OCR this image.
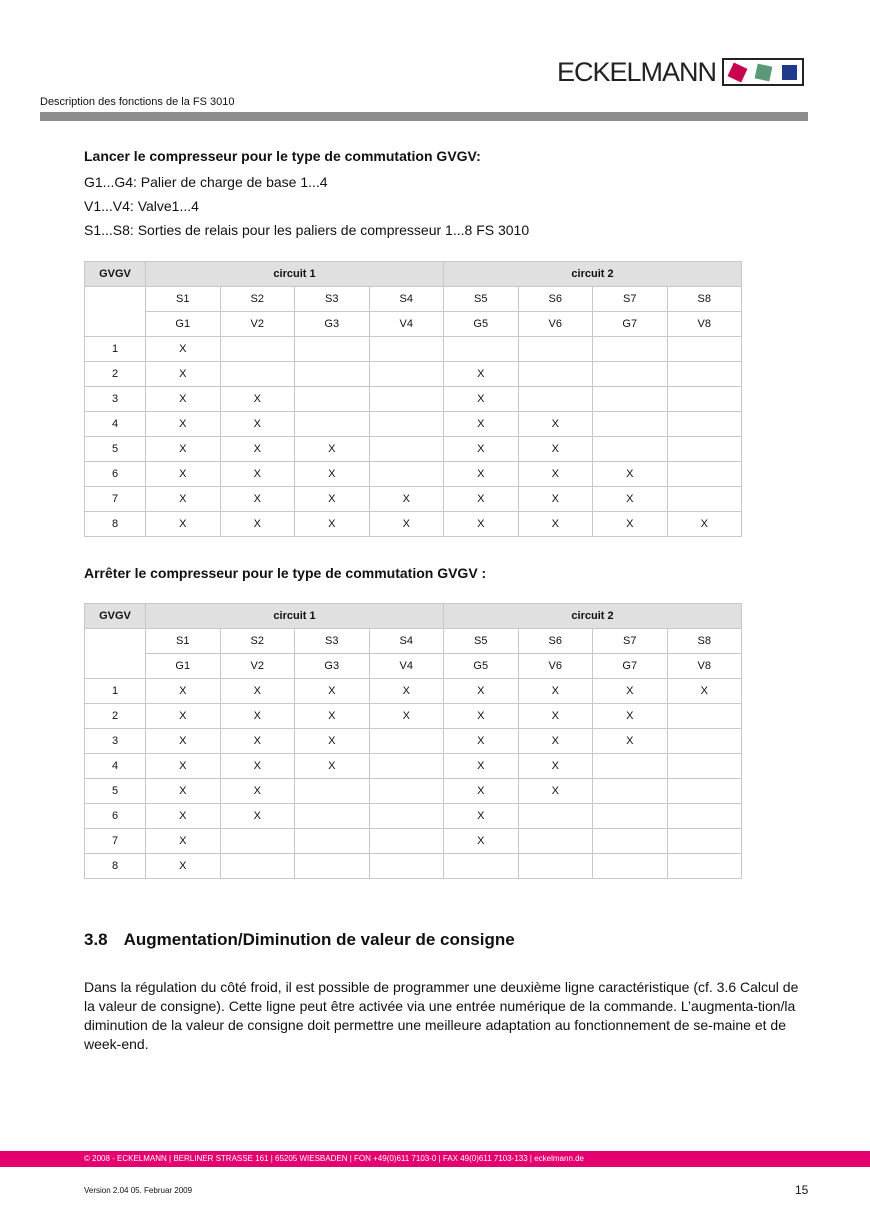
ECKELMANN
Description des fonctions de la FS 3010
Lancer le compresseur pour le type de commutation GVGV:
G1...G4: Palier de charge de base 1...4
V1...V4: Valve1...4
S1...S8: Sorties de relais pour les paliers de compresseur 1...8 FS 3010
GVGV	circuit 1				circuit 2			
	S1	S2	S3	S4	S5	S6	S7	S8
	G1	V2	G3	V4	G5	V6	G7	V8
1	X							
2	X				X			
3	X	X			X			
4	X	X			X	X		
5	X	X	X		X	X		
6	X	X	X		X	X	X	
7	X	X	X	X	X	X	X	
8	X	X	X	X	X	X	X	X
Arrêter le compresseur pour le type de commutation GVGV :
GVGV	circuit 1				circuit 2			
	S1	S2	S3	S4	S5	S6	S7	S8
	G1	V2	G3	V4	G5	V6	G7	V8
1	X	X	X	X	X	X	X	X
2	X	X	X	X	X	X	X	
3	X	X	X		X	X	X	
4	X	X	X		X	X		
5	X	X			X	X		
6	X	X			X			
7	X				X			
8	X							
3.8 Augmentation/Diminution de valeur de consigne
Dans la régulation du côté froid, il est possible de programmer une deuxième ligne caractéristique (cf. 3.6 Calcul de la valeur de consigne). Cette ligne peut être activée via une entrée numérique de la commande. L’augmenta-tion/la diminution de la valeur de consigne doit permettre une meilleure adaptation au fonctionnement de se-maine et de week-end.
© 2008 - ECKELMANN | BERLINER STRASSE 161 | 65205 WIESBADEN | FON +49(0)611 7103-0 | FAX 49(0)611 7103-133 | eckelmann.de
Version 2.04 05. Februar 2009	15
